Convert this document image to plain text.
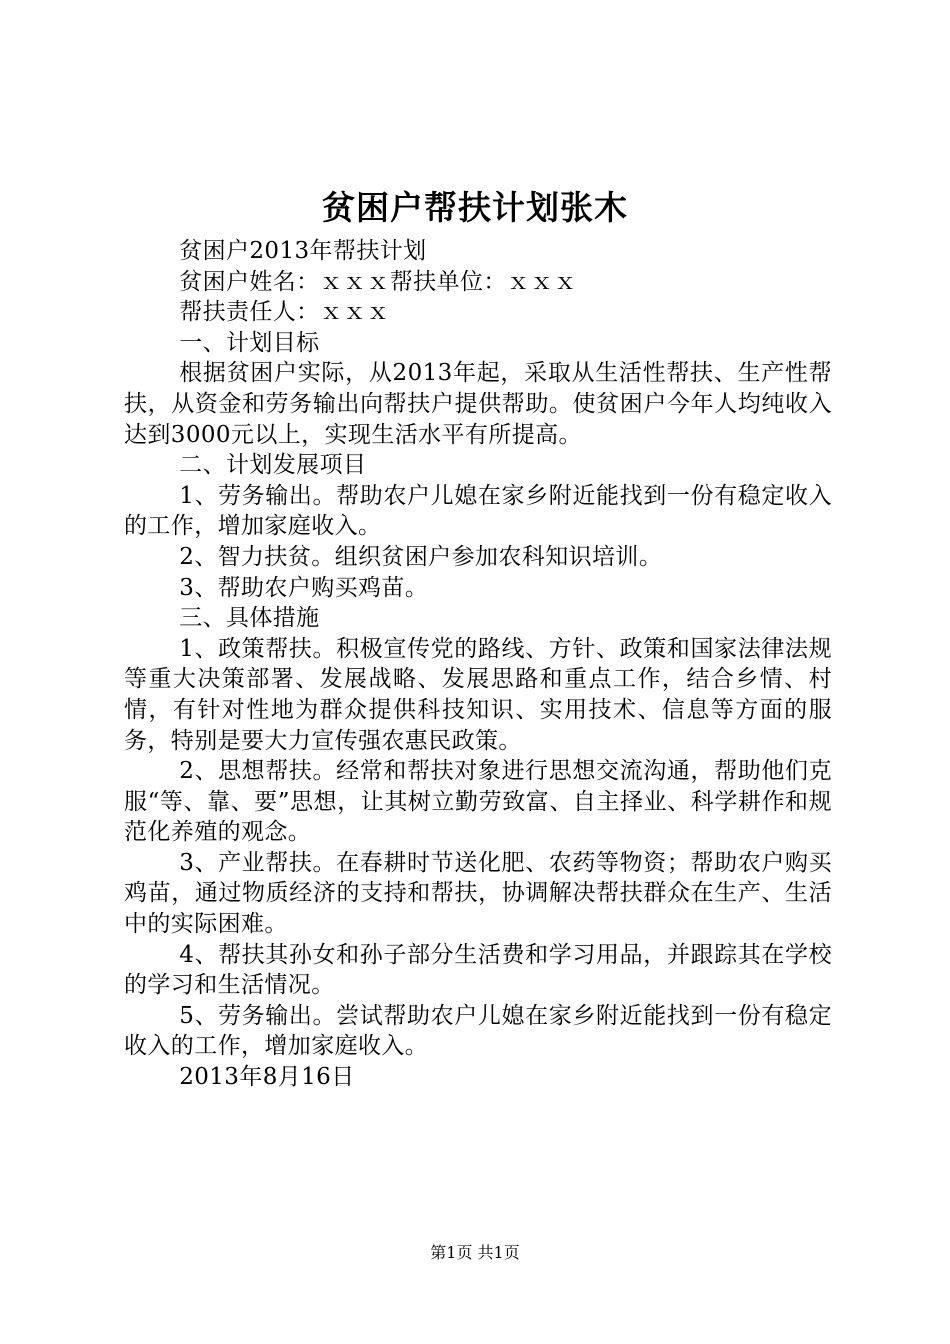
贫困户帮扶计划张木

贫困户2013年帮扶计划

贫困户姓名：ｘｘｘ帮扶单位：ｘｘｘ

帮扶责任人：ｘｘｘ

一、计划目标

根据贫困户实际，从2013年起，采取从生活性帮扶、生产性帮扶，从资金和劳务输出向帮扶户提供帮助。使贫困户今年人均纯收入达到3000元以上，实现生活水平有所提高。

二、计划发展项目

1、劳务输出。帮助农户儿媳在家乡附近能找到一份有稳定收入的工作，增加家庭收入。

2、智力扶贫。组织贫困户参加农科知识培训。

3、帮助农户购买鸡苗。

三、具体措施

1、政策帮扶。积极宣传党的路线、方针、政策和国家法律法规等重大决策部署、发展战略、发展思路和重点工作，结合乡情、村情，有针对性地为群众提供科技知识、实用技术、信息等方面的服务，特别是要大力宣传强农惠民政策。

2、思想帮扶。经常和帮扶对象进行思想交流沟通，帮助他们克服“等、靠、要”思想，让其树立勤劳致富、自主择业、科学耕作和规范化养殖的观念。

3、产业帮扶。在春耕时节送化肥、农药等物资；帮助农户购买鸡苗，通过物质经济的支持和帮扶，协调解决帮扶群众在生产、生活中的实际困难。

4、帮扶其孙女和孙子部分生活费和学习用品，并跟踪其在学校的学习和生活情况。

5、劳务输出。尝试帮助农户儿媳在家乡附近能找到一份有稳定收入的工作，增加家庭收入。

2013年8月16日

第1页 共1页
